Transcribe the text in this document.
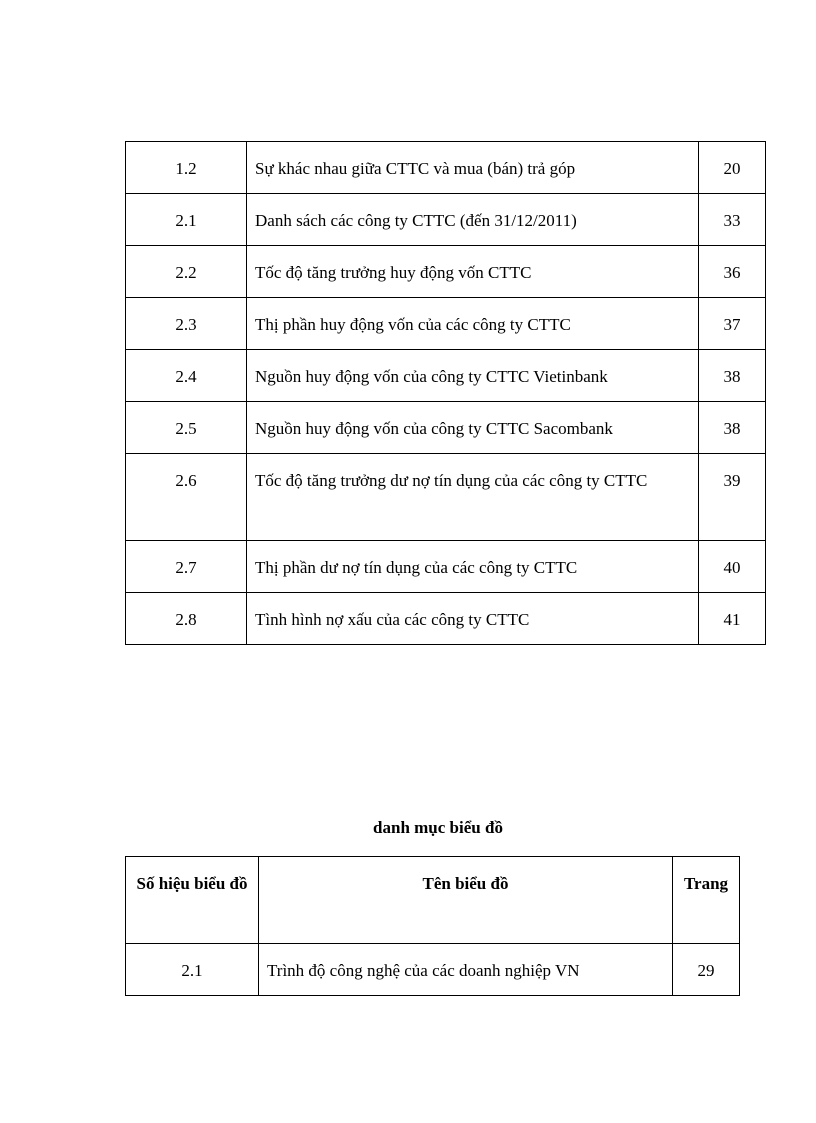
1.2	Sự khác nhau giữa CTTC và mua (bán) trả góp	20

2.1	Danh sách các công ty CTTC (đến 31/12/2011)	33

2.2	Tốc độ tăng trưởng huy động vốn CTTC	36

2.3	Thị phần huy động vốn của các công ty CTTC	37

2.4	Nguồn huy động vốn của công ty CTTC Vietinbank	38

2.5	Nguồn huy động vốn của công ty CTTC Sacombank	38

2.6	Tốc độ tăng trưởng dư nợ tín dụng của các công ty CTTC	39

2.7	Thị phần dư nợ tín dụng của các công ty CTTC	40

2.8	Tình hình nợ xấu của các công ty CTTC	41
danh mục biểu đồ
Số hiệu biểu đồ	Tên biểu đồ	Trang

2.1	Trình độ công nghệ của các doanh nghiệp VN	29
